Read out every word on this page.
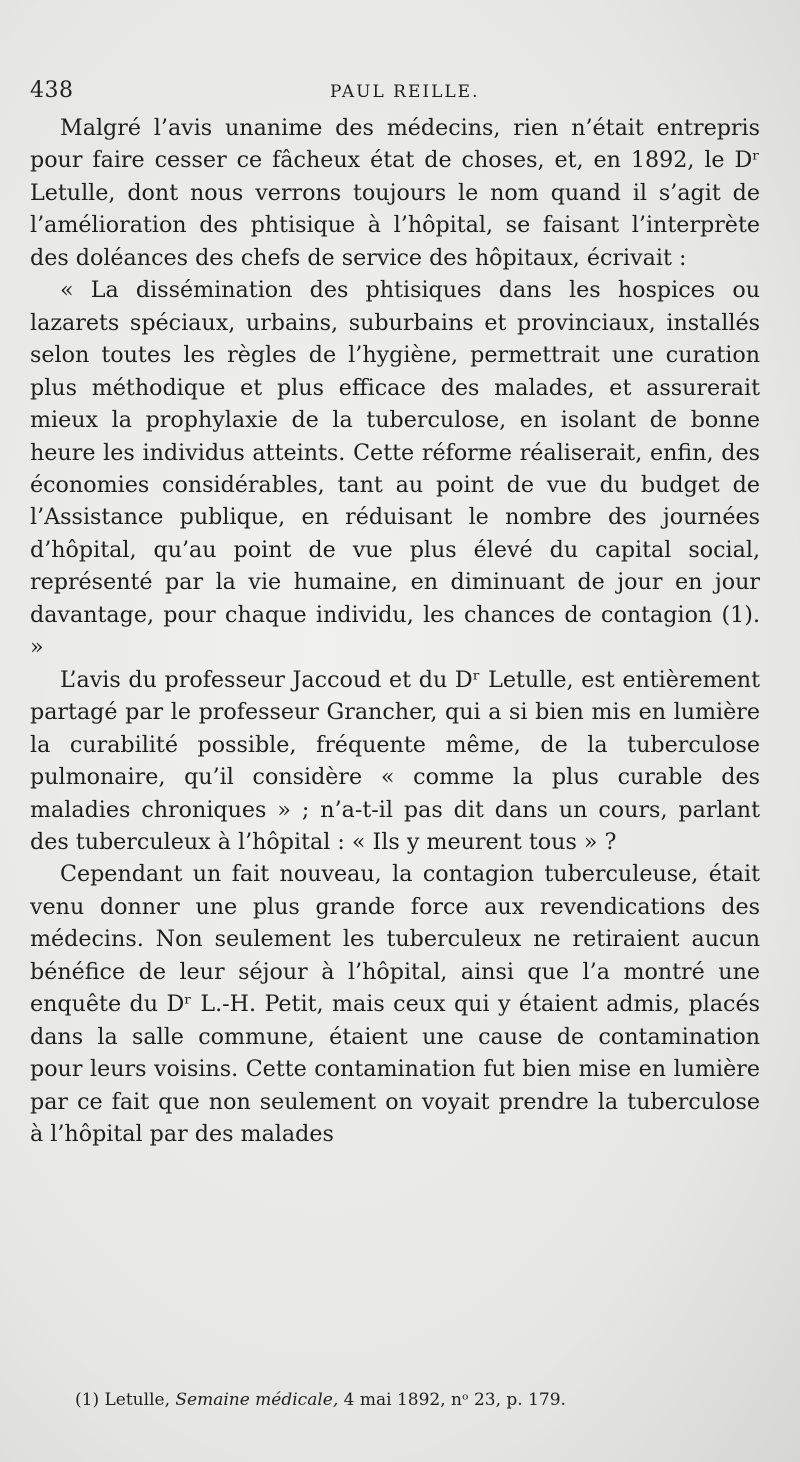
438	PAUL REILLE.

Malgré l’avis unanime des médecins, rien n’était entrepris pour faire cesser ce fâcheux état de choses, et, en 1892, le Dʳ Letulle, dont nous verrons toujours le nom quand il s’agit de l’amélioration des phtisique à l’hôpital, se faisant l’interprète des doléances des chefs de service des hôpitaux, écrivait :

« La dissémination des phtisiques dans les hospices ou lazarets spéciaux, urbains, suburbains et provinciaux, installés selon toutes les règles de l’hygiène, permettrait une curation plus méthodique et plus efficace des malades, et assurerait mieux la prophylaxie de la tuberculose, en isolant de bonne heure les individus atteints. Cette réforme réaliserait, enfin, des économies considérables, tant au point de vue du budget de l’Assistance publique, en réduisant le nombre des journées d’hôpital, qu’au point de vue plus élevé du capital social, représenté par la vie humaine, en diminuant de jour en jour davantage, pour chaque individu, les chances de contagion (1). »

L’avis du professeur Jaccoud et du Dʳ Letulle, est entièrement partagé par le professeur Grancher, qui a si bien mis en lumière la curabilité possible, fréquente même, de la tuberculose pulmonaire, qu’il considère « comme la plus curable des maladies chroniques » ; n’a-t-il pas dit dans un cours, parlant des tuberculeux à l’hôpital : « Ils y meurent tous » ?

Cependant un fait nouveau, la contagion tuberculeuse, était venu donner une plus grande force aux revendications des médecins. Non seulement les tuberculeux ne retiraient aucun bénéfice de leur séjour à l’hôpital, ainsi que l’a montré une enquête du Dʳ L.-H. Petit, mais ceux qui y étaient admis, placés dans la salle commune, étaient une cause de contamination pour leurs voisins. Cette contamination fut bien mise en lumière par ce fait que non seulement on voyait prendre la tuberculose à l’hôpital par des malades

(1) Letulle, Semaine médicale, 4 mai 1892, nᵒ 23, p. 179.
